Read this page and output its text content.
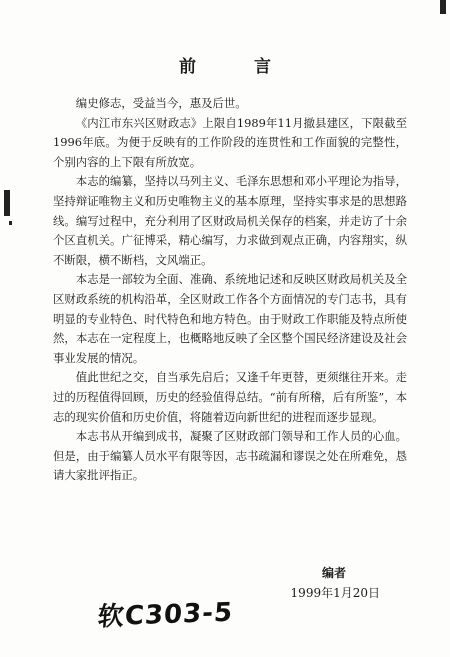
前 言

编史修志，受益当今，惠及后世。

《内江市东兴区财政志》上限自1989年11月撤县建区，下限截至1996年底。为便于反映有的工作阶段的连贯性和工作面貌的完整性，个别内容的上下限有所放宽。

本志的编纂，坚持以马列主义、毛泽东思想和邓小平理论为指导，坚持辩证唯物主义和历史唯物主义的基本原理，坚持实事求是的思想路线。编写过程中，充分利用了区财政局机关保存的档案，并走访了十余个区直机关。广征博采，精心编写，力求做到观点正确，内容翔实，纵不断限，横不断档，文风端正。

本志是一部较为全面、准确、系统地记述和反映区财政局机关及全区财政系统的机构沿革，全区财政工作各个方面情况的专门志书，具有明显的专业特色、时代特色和地方特色。由于财政工作职能及特点所使然，本志在一定程度上，也概略地反映了全区整个国民经济建设及社会事业发展的情况。

值此世纪之交，自当承先启后；又逢千年更替，更须继往开来。走过的历程值得回顾，历史的经验值得总结。“前有所稽，后有所鉴”，本志的现实价值和历史价值，将随着迈向新世纪的进程而逐步显现。

本志书从开编到成书，凝聚了区财政部门领导和工作人员的心血。但是，由于编纂人员水平有限等因，志书疏漏和谬误之处在所难免，恳请大家批评指正。

编者
1999年1月20日
软C303-5
